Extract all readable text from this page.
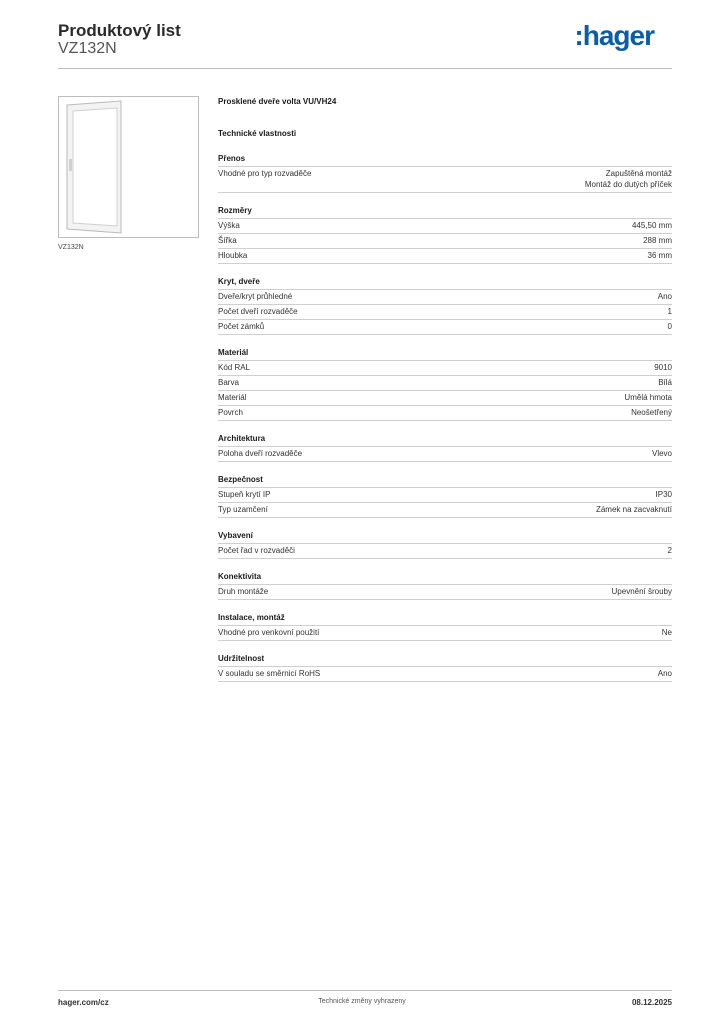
Produktový list
VZ132N	:hager
VZ132N
Prosklené dveře volta VU/VH24
Technické vlastnosti
Přenos
Vhodné pro typ rozvaděče	Zapuštěná montáž
Montáž do dutých příček
Rozměry
Výška	445,50 mm
Šířka	288 mm
Hloubka	36 mm
Kryt, dveře
Dveře/kryt průhledné	Ano
Počet dveří rozvaděče	1
Počet zámků	0
Materiál
Kód RAL	9010
Barva	Bílá
Materiál	Umělá hmota
Povrch	Neošetřený
Architektura
Poloha dveří rozvaděče	Vlevo
Bezpečnost
Stupeň krytí IP	IP30
Typ uzamčení	Zámek na zacvaknutí
Vybavení
Počet řad v rozvaděči	2
Konektivita
Druh montáže	Upevnění šrouby
Instalace, montáž
Vhodné pro venkovní použití	Ne
Udržitelnost
V souladu se směrnicí RoHS	Ano
hager.com/cz	Technické změny vyhrazeny	08.12.2025
